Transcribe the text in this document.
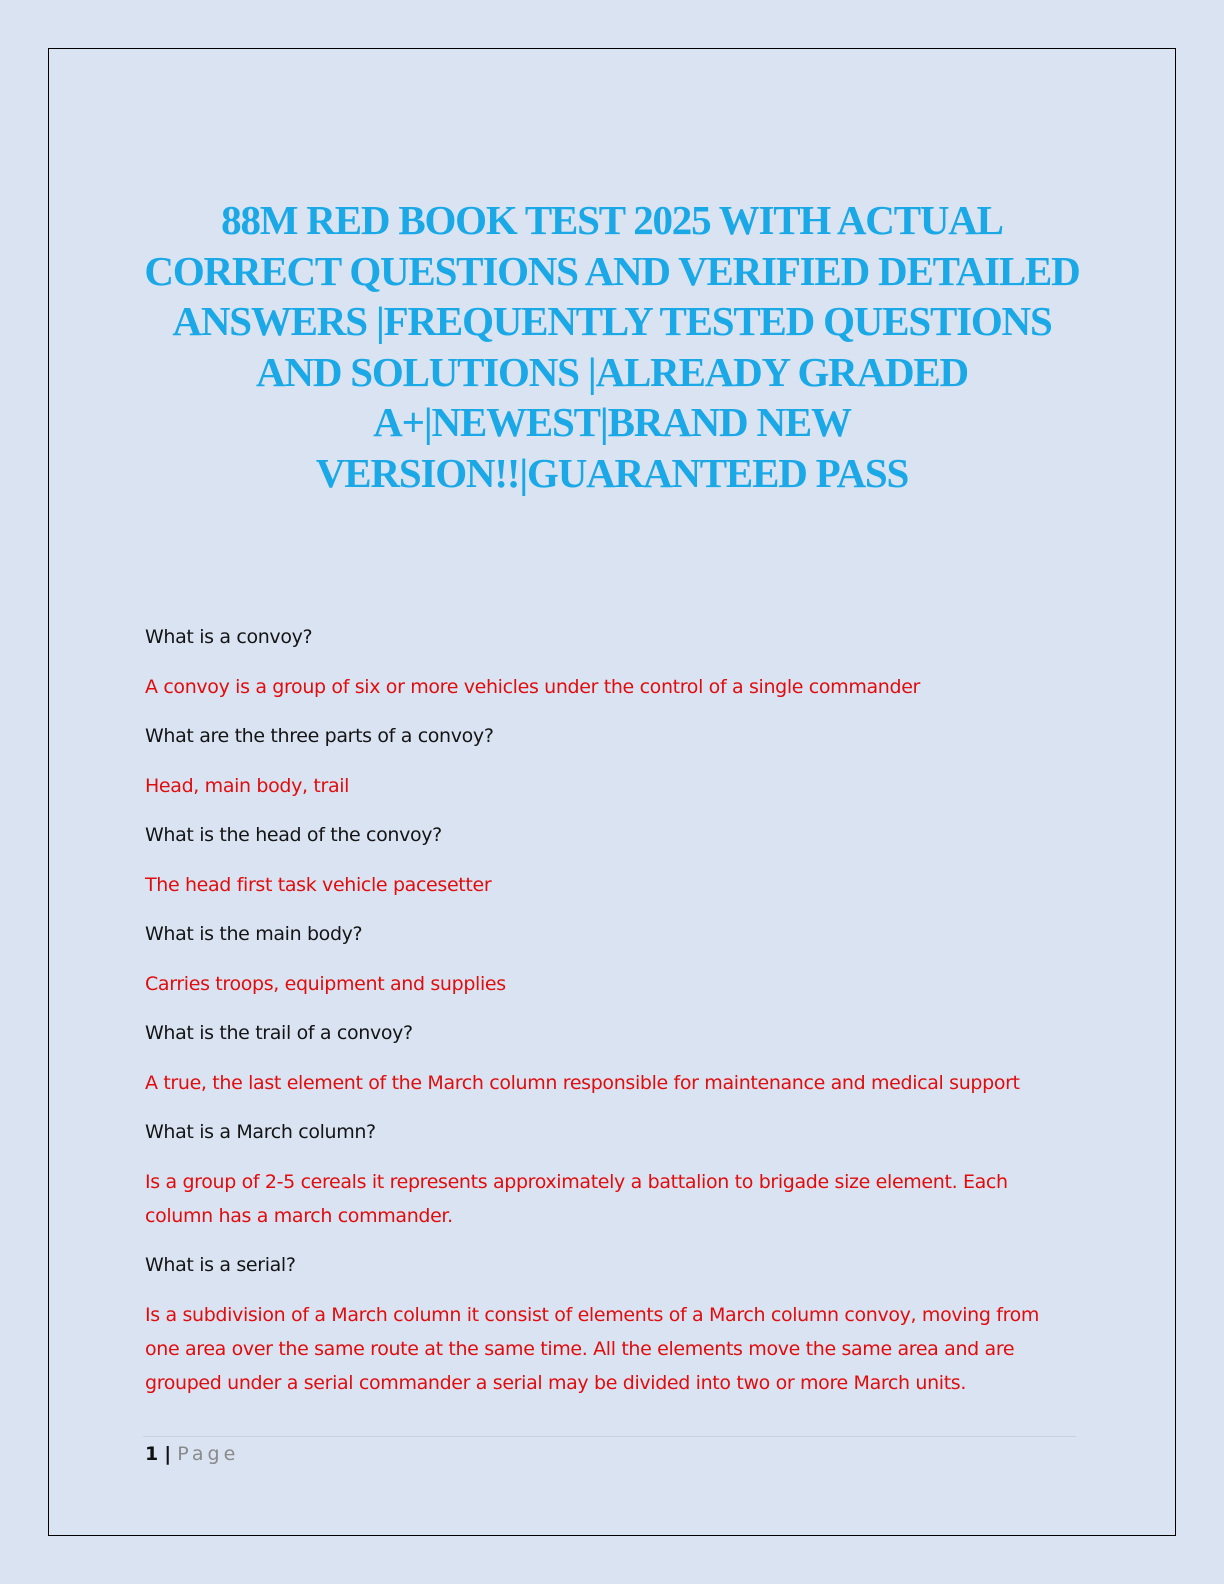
88M RED BOOK TEST 2025 WITH ACTUAL CORRECT QUESTIONS AND VERIFIED DETAILED ANSWERS |FREQUENTLY TESTED QUESTIONS AND SOLUTIONS |ALREADY GRADED A+|NEWEST|BRAND NEW VERSION!!|GUARANTEED PASS

What is a convoy?

A convoy is a group of six or more vehicles under the control of a single commander

What are the three parts of a convoy?

Head, main body, trail

What is the head of the convoy?

The head first task vehicle pacesetter

What is the main body?

Carries troops, equipment and supplies

What is the trail of a convoy?

A true, the last element of the March column responsible for maintenance and medical support

What is a March column?

Is a group of 2-5 cereals it represents approximately a battalion to brigade size element. Each column has a march commander.

What is a serial?

Is a subdivision of a March column it consist of elements of a March column convoy, moving from one area over the same route at the same time. All the elements move the same area and are grouped under a serial commander a serial may be divided into two or more March units.

1 | Page
